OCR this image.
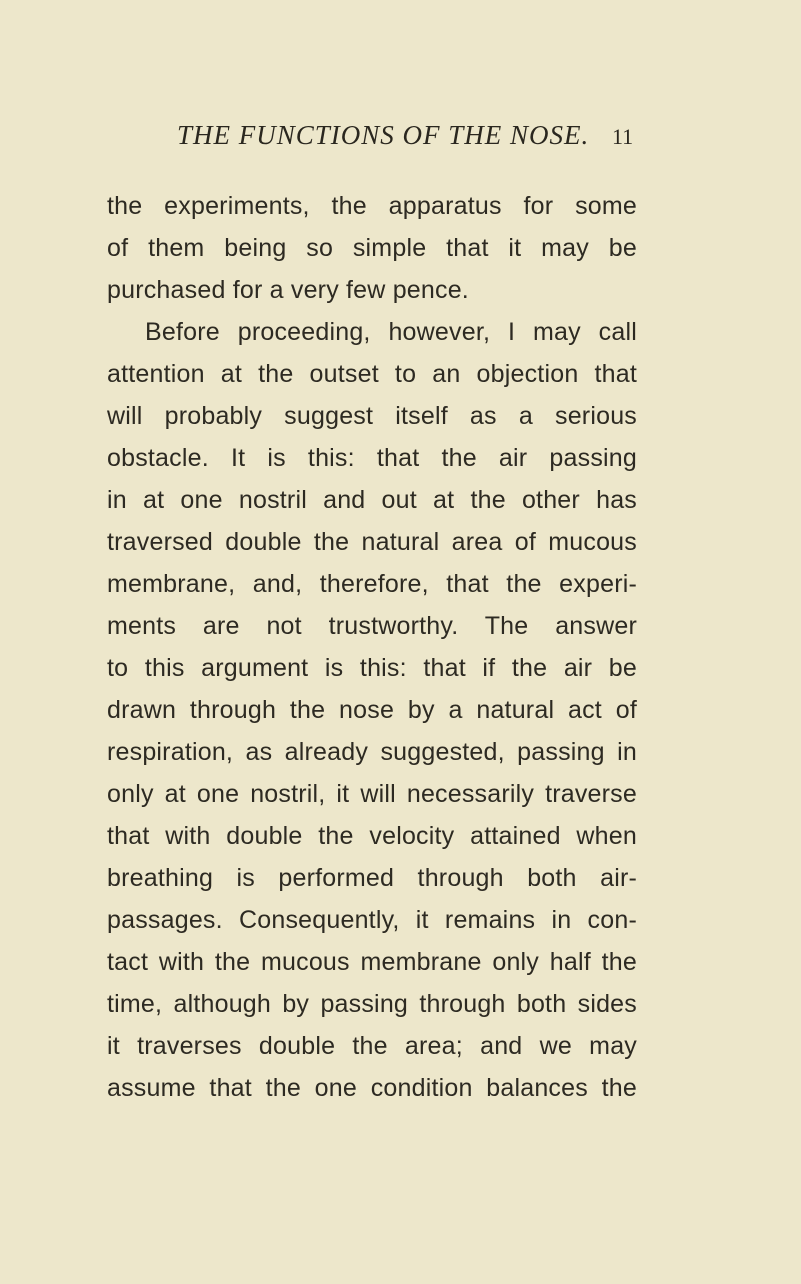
THE FUNCTIONS OF THE NOSE. 11
the experiments, the apparatus for some
of them being so simple that it may be
purchased for a very few pence.
Before proceeding, however, I may call
attention at the outset to an objection that
will probably suggest itself as a serious
obstacle. It is this: that the air passing
in at one nostril and out at the other has
traversed double the natural area of mucous
membrane, and, therefore, that the experi-
ments are not trustworthy. The answer
to this argument is this: that if the air be
drawn through the nose by a natural act of
respiration, as already suggested, passing in
only at one nostril, it will necessarily traverse
that with double the velocity attained when
breathing is performed through both air-
passages. Consequently, it remains in con-
tact with the mucous membrane only half the
time, although by passing through both sides
it traverses double the area; and we may
assume that the one condition balances the
